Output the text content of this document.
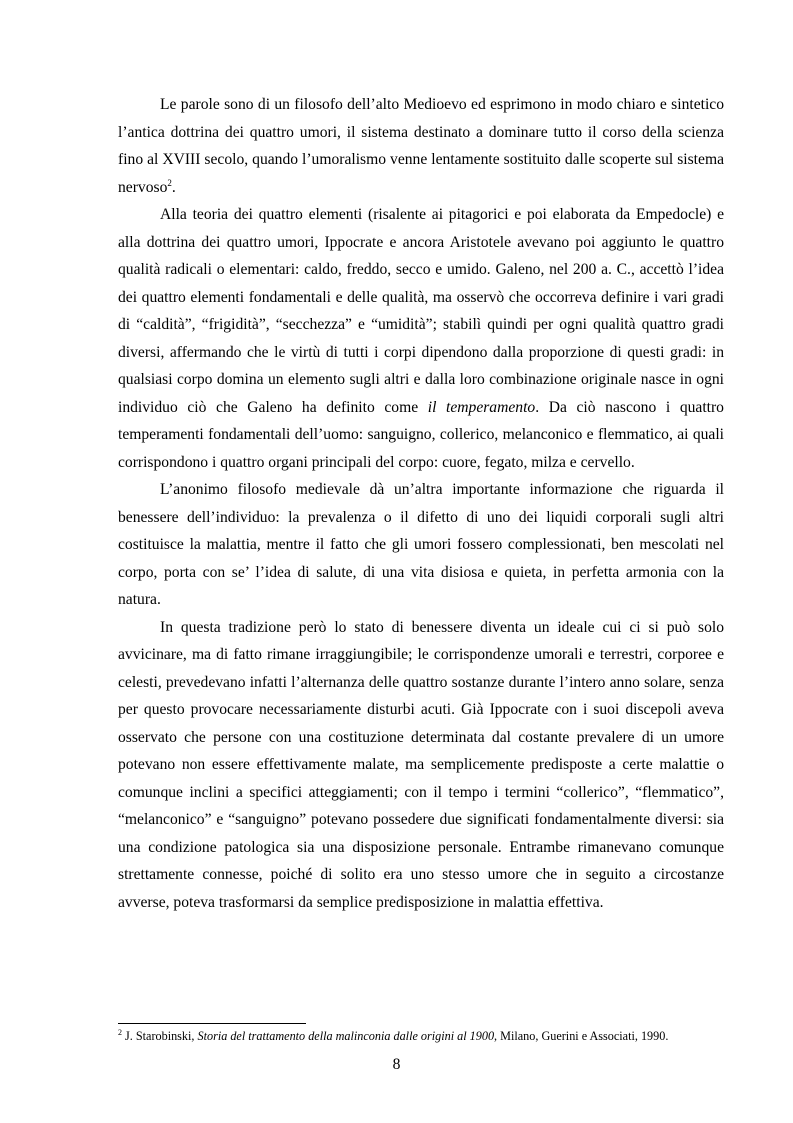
Le parole sono di un filosofo dell’alto Medioevo ed esprimono in modo chiaro e sintetico l’antica dottrina dei quattro umori, il sistema destinato a dominare tutto il corso della scienza fino al XVIII secolo, quando l’umoralismo venne lentamente sostituito dalle scoperte sul sistema nervoso$^2$.

Alla teoria dei quattro elementi (risalente ai pitagorici e poi elaborata da Empedocle) e alla dottrina dei quattro umori, Ippocrate e ancora Aristotele avevano poi aggiunto le quattro qualità radicali o elementari: caldo, freddo, secco e umido. Galeno, nel 200 a. C., accettò l’idea dei quattro elementi fondamentali e delle qualità, ma osservò che occorreva definire i vari gradi di “caldità”, “frigidità”, “secchezza” e “umidità”; stabilì quindi per ogni qualità quattro gradi diversi, affermando che le virtù di tutti i corpi dipendono dalla proporzione di questi gradi: in qualsiasi corpo domina un elemento sugli altri e dalla loro combinazione originale nasce in ogni individuo ciò che Galeno ha definito come il temperamento. Da ciò nascono i quattro temperamenti fondamentali dell’uomo: sanguigno, collerico, melanconico e flemmatico, ai quali corrispondono i quattro organi principali del corpo: cuore, fegato, milza e cervello.

L’anonimo filosofo medievale dà un’altra importante informazione che riguarda il benessere dell’individuo: la prevalenza o il difetto di uno dei liquidi corporali sugli altri costituisce la malattia, mentre il fatto che gli umori fossero complessionati, ben mescolati nel corpo, porta con se’ l’idea di salute, di una vita disiosa e quieta, in perfetta armonia con la natura.

In questa tradizione però lo stato di benessere diventa un ideale cui ci si può solo avvicinare, ma di fatto rimane irraggiungibile; le corrispondenze umorali e terrestri, corporee e celesti, prevedevano infatti l’alternanza delle quattro sostanze durante l’intero anno solare, senza per questo provocare necessariamente disturbi acuti. Già Ippocrate con i suoi discepoli aveva osservato che persone con una costituzione determinata dal costante prevalere di un umore potevano non essere effettivamente malate, ma semplicemente predisposte a certe malattie o comunque inclini a specifici atteggiamenti; con il tempo i termini “collerico”, “flemmatico”, “melanconico” e “sanguigno” potevano possedere due significati fondamentalmente diversi: sia una condizione patologica sia una disposizione personale. Entrambe rimanevano comunque strettamente connesse, poiché di solito era uno stesso umore che in seguito a circostanze avverse, poteva trasformarsi da semplice predisposizione in malattia effettiva.

$^2$ J. Starobinski, Storia del trattamento della malinconia dalle origini al 1900, Milano, Guerini e Associati, 1990.
8
